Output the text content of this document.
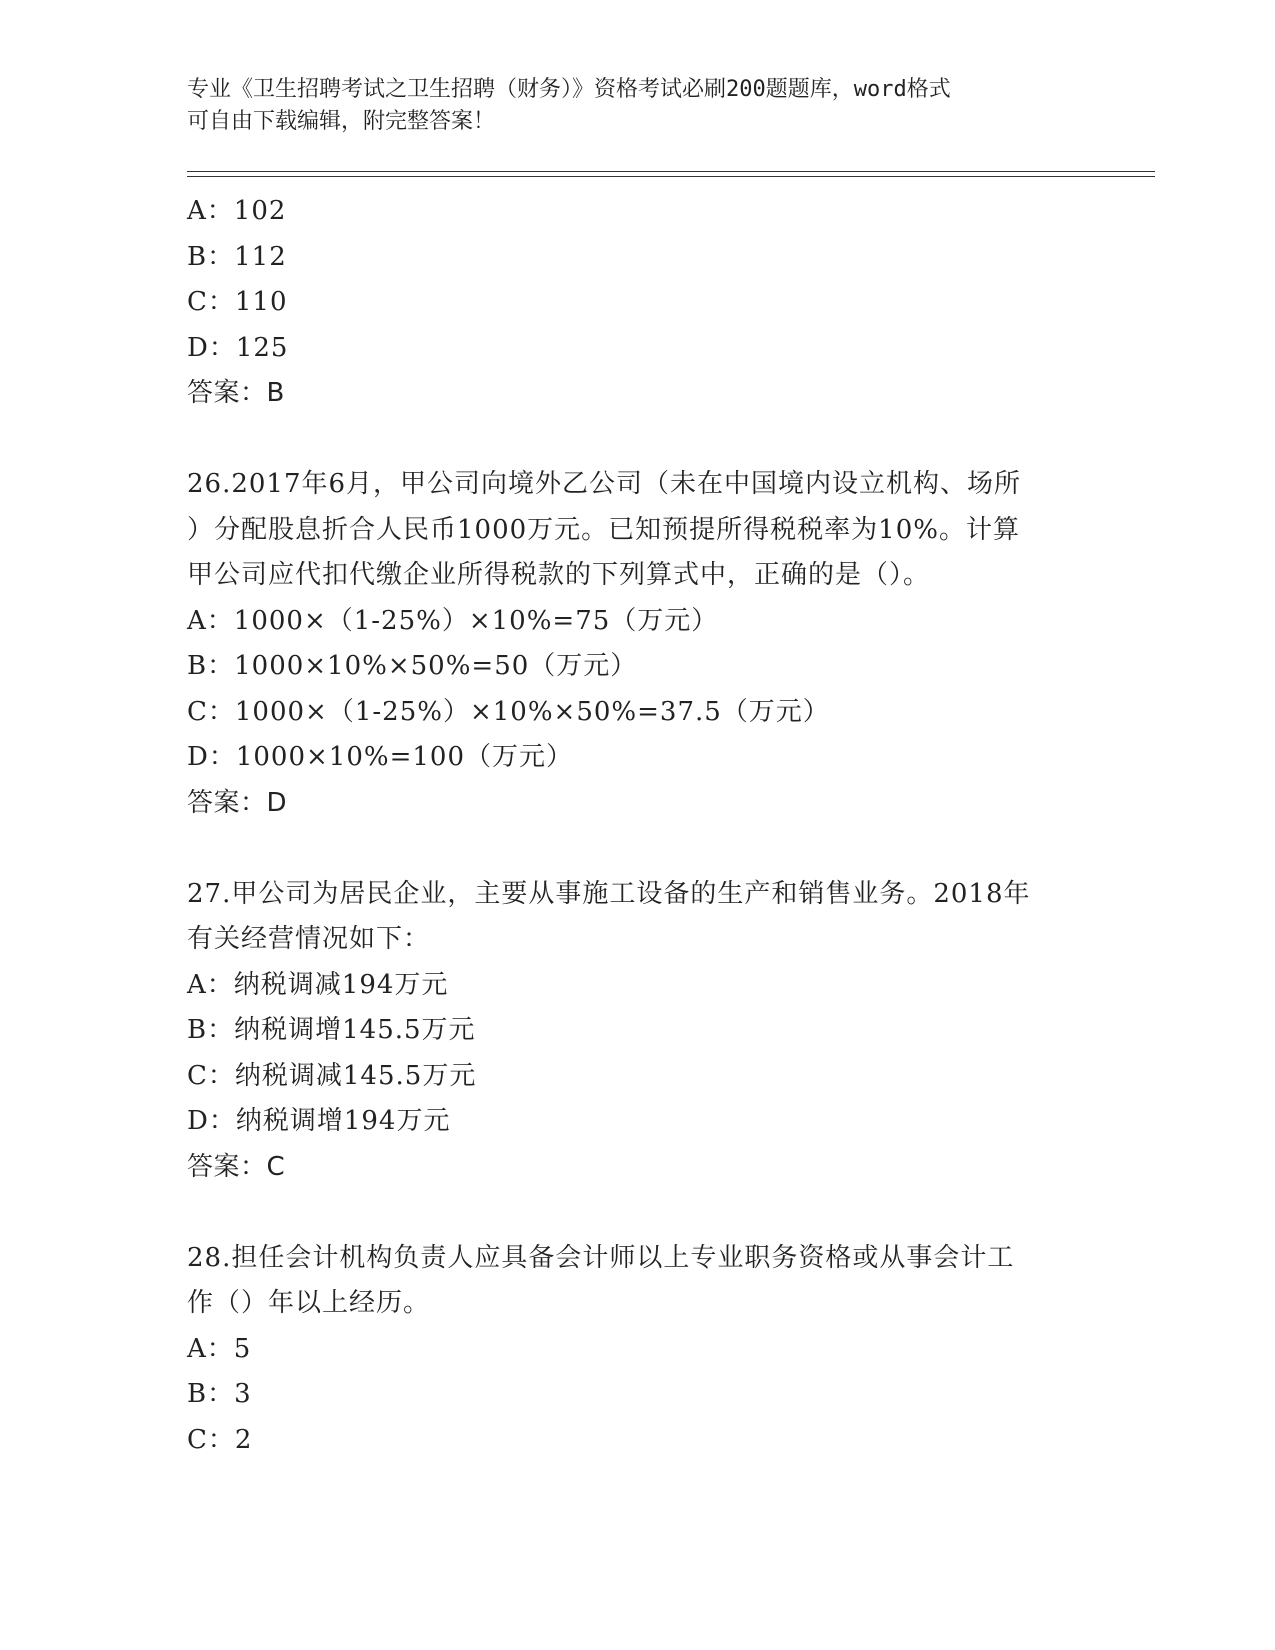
专业《卫生招聘考试之卫生招聘（财务）》资格考试必刷200题题库，word格式
可自由下载编辑，附完整答案！
A：102
B：112
C：110
D：125
答案：B
26.2017年6月，甲公司向境外乙公司（未在中国境内设立机构、场所
）分配股息折合人民币1000万元。已知预提所得税税率为10%。计算
甲公司应代扣代缴企业所得税款的下列算式中，正确的是（）。
A：1000×（1-25%）×10%=75（万元）
B：1000×10%×50%=50（万元）
C：1000×（1-25%）×10%×50%=37.5（万元）
D：1000×10%=100（万元）
答案：D
27.甲公司为居民企业，主要从事施工设备的生产和销售业务。2018年
有关经营情况如下：
A：纳税调减194万元
B：纳税调增145.5万元
C：纳税调减145.5万元
D：纳税调增194万元
答案：C
28.担任会计机构负责人应具备会计师以上专业职务资格或从事会计工
作（）年以上经历。
A：5
B：3
C：2
